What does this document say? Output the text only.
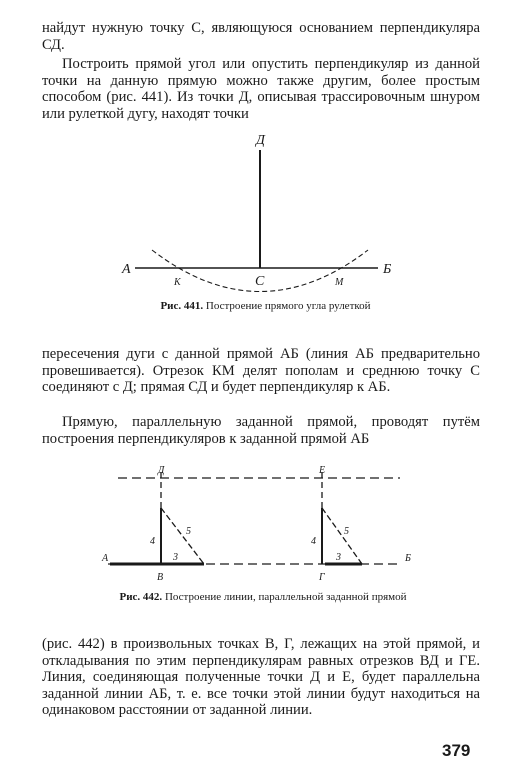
найдут нужную точку С, являющуюся основанием перпендикуляра СД.

Построить прямой угол или опустить перпендикуляр из данной точки на данную прямую можно также другим, более простым способом (рис. 441). Из точки Д, описывая трассировочным шнуром или рулеткой дугу, находят точки

Д
А	Б
К	С	М

Рис. 441. Построение прямого угла рулеткой

пересечения дуги с данной прямой АБ (линия АБ предварительно провешивается). Отрезок КМ делят пополам и среднюю точку С соединяют с Д; прямая СД и будет перпендикуляр к АБ.

Прямую, параллельную заданной прямой, проводят путём построения перпендикуляров к заданной прямой АБ

Д	Е
А	Б
В	Г
4
5
3
4
5
3

Рис. 442. Построение линии, параллельной заданной прямой

(рис. 442) в произвольных точках В, Г, лежащих на этой прямой, и откладывания по этим перпендикулярам равных отрезков ВД и ГЕ. Линия, соединяющая полученные точки Д и Е, будет параллельна заданной линии АБ, т. е. все точки этой линии будут находиться на одинаковом расстоянии от заданной линии.

379
